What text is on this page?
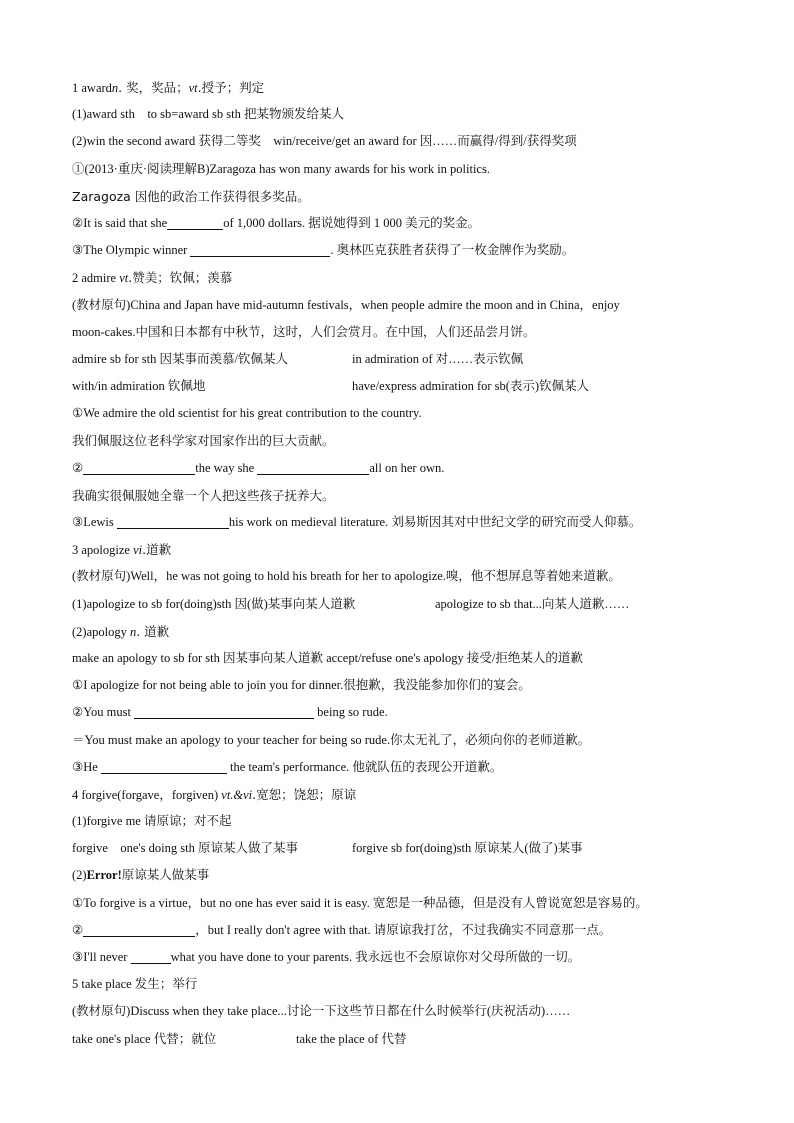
1 awardn. 奖，奖品；vt.授予；判定
(1)award sth　to sb=award sb sth 把某物颁发给某人
(2)win the second award 获得二等奖　win/receive/get an award for 因……而赢得/得到/获得奖项
①(2013·重庆·阅读理解B)Zaragoza has won many awards for his work in politics.
Zaragoza 因他的政治工作获得很多奖品。
②It is said that she	of 1,000 dollars. 据说她得到 1 000 美元的奖金。
③The Olympic winner	. 奥林匹克获胜者获得了一枚金牌作为奖励。
2 admire vt.赞美；钦佩；羡慕
(教材原句)China and Japan have mid-autumn festivals，when people admire the moon and in China，enjoy
moon-cakes.中国和日本都有中秋节，这时，人们会赏月。在中国，人们还品尝月饼。
admire sb for sth 因某事而羡慕/钦佩某人	in admiration of 对……表示钦佩
with/in admiration 钦佩地	have/express admiration for sb(表示)钦佩某人
①We admire the old scientist for his great contribution to the country.
我们佩服这位老科学家对国家作出的巨大贡献。
②	the way she	all on her own.
我确实很佩服她全靠一个人把这些孩子抚养大。
③Lewis	his work on medieval literature. 刘易斯因其对中世纪文学的研究而受人仰慕。
3 apologize vi.道歉
(教材原句)Well，he was not going to hold his breath for her to apologize.嗅，他不想屏息等着她来道歉。
(1)apologize to sb for(doing)sth 因(做)某事向某人道歉	apologize to sb that...向某人道歉……
(2)apology n. 道歉
make an apology to sb for sth 因某事向某人道歉 accept/refuse one's apology 接受/拒绝某人的道歉
①I apologize for not being able to join you for dinner.很抱歉，我没能参加你们的宴会。
②You must	being so rude.
＝You must make an apology to your teacher for being so rude.你太无礼了，必须向你的老师道歉。
③He	the team's performance. 他就队伍的表现公开道歉。
4 forgive(forgave，forgiven) vt.&vi.宽恕；饶恕；原谅
(1)forgive me 请原谅；对不起
forgive　one's doing sth 原谅某人做了某事	forgive sb for(doing)sth 原谅某人(做了)某事
(2)Error!原谅某人做某事
①To forgive is a virtue，but no one has ever said it is easy. 宽恕是一种品德，但是没有人曾说宽恕是容易的。
②	，but I really don't agree with that. 请原谅我打岔，不过我确实不同意那一点。
③I'll never	what you have done to your parents. 我永远也不会原谅你对父母所做的一切。
5 take place 发生；举行
(教材原句)Discuss when they take place...讨论一下这些节日都在什么时候举行(庆祝活动)……
take one's place 代替；就位	take the place of 代替
